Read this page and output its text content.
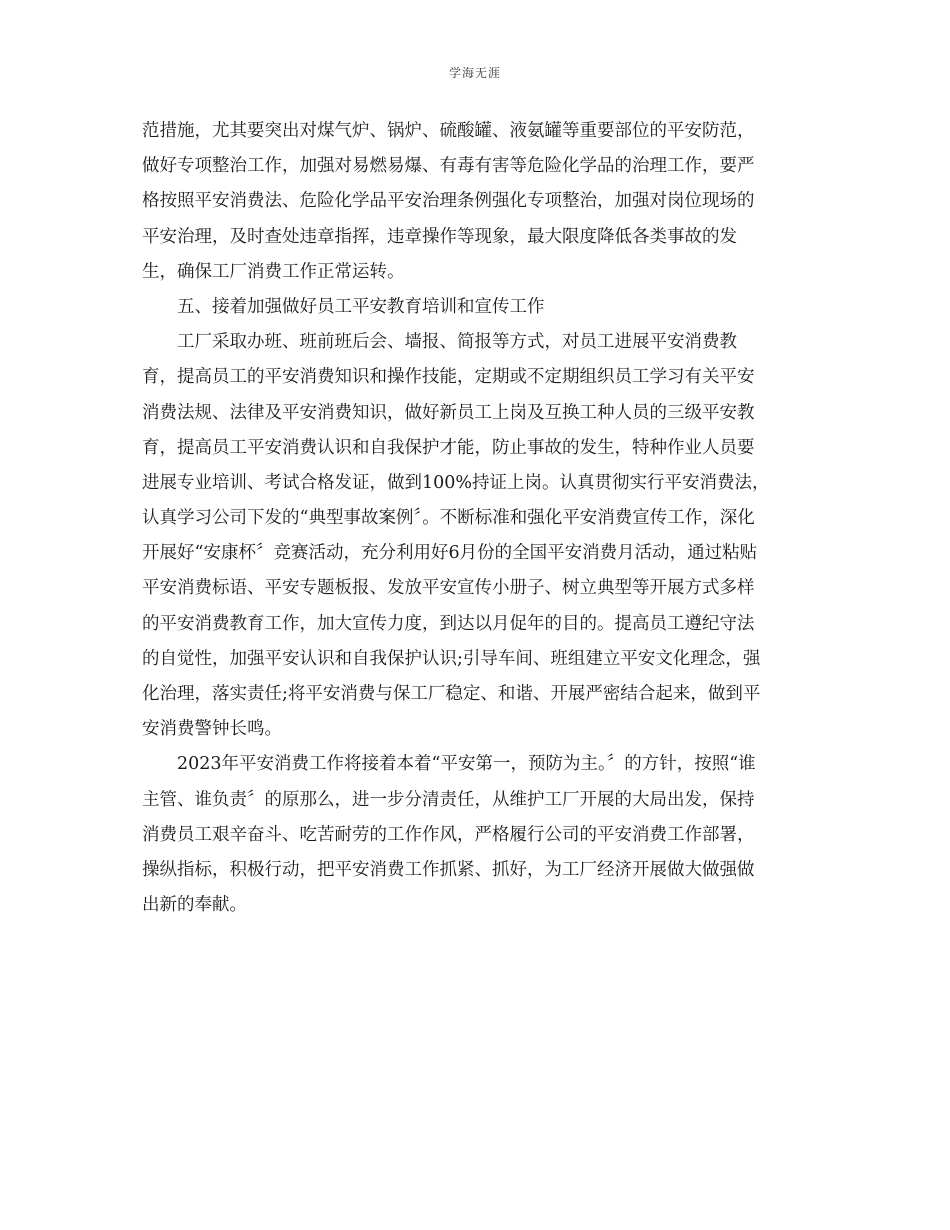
学海无涯
范措施，尤其要突出对煤气炉、锅炉、硫酸罐、液氨罐等重要部位的平安防范，
做好专项整治工作，加强对易燃易爆、有毒有害等危险化学品的治理工作，要严
格按照平安消费法、危险化学品平安治理条例强化专项整治，加强对岗位现场的
平安治理，及时查处违章指挥，违章操作等现象，最大限度降低各类事故的发
生，确保工厂消费工作正常运转。
五、接着加强做好员工平安教育培训和宣传工作
工厂采取办班、班前班后会、墙报、简报等方式，对员工进展平安消费教
育，提高员工的平安消费知识和操作技能，定期或不定期组织员工学习有关平安
消费法规、法律及平安消费知识，做好新员工上岗及互换工种人员的三级平安教
育，提高员工平安消费认识和自我保护才能，防止事故的发生，特种作业人员要
进展专业培训、考试合格发证，做到100%持证上岗。认真贯彻实行平安消费法，
认真学习公司下发的“典型事故案例〞。不断标准和强化平安消费宣传工作，深化
开展好“安康杯〞竞赛活动，充分利用好6月份的全国平安消费月活动，通过粘贴
平安消费标语、平安专题板报、发放平安宣传小册子、树立典型等开展方式多样
的平安消费教育工作，加大宣传力度，到达以月促年的目的。提高员工遵纪守法
的自觉性，加强平安认识和自我保护认识;引导车间、班组建立平安文化理念，强
化治理，落实责任;将平安消费与保工厂稳定、和谐、开展严密结合起来，做到平
安消费警钟长鸣。
2023年平安消费工作将接着本着“平安第一，预防为主。〞的方针，按照“谁
主管、谁负责〞的原那么，进一步分清责任，从维护工厂开展的大局出发，保持
消费员工艰辛奋斗、吃苦耐劳的工作作风，严格履行公司的平安消费工作部署，
操纵指标，积极行动，把平安消费工作抓紧、抓好，为工厂经济开展做大做强做
出新的奉献。
